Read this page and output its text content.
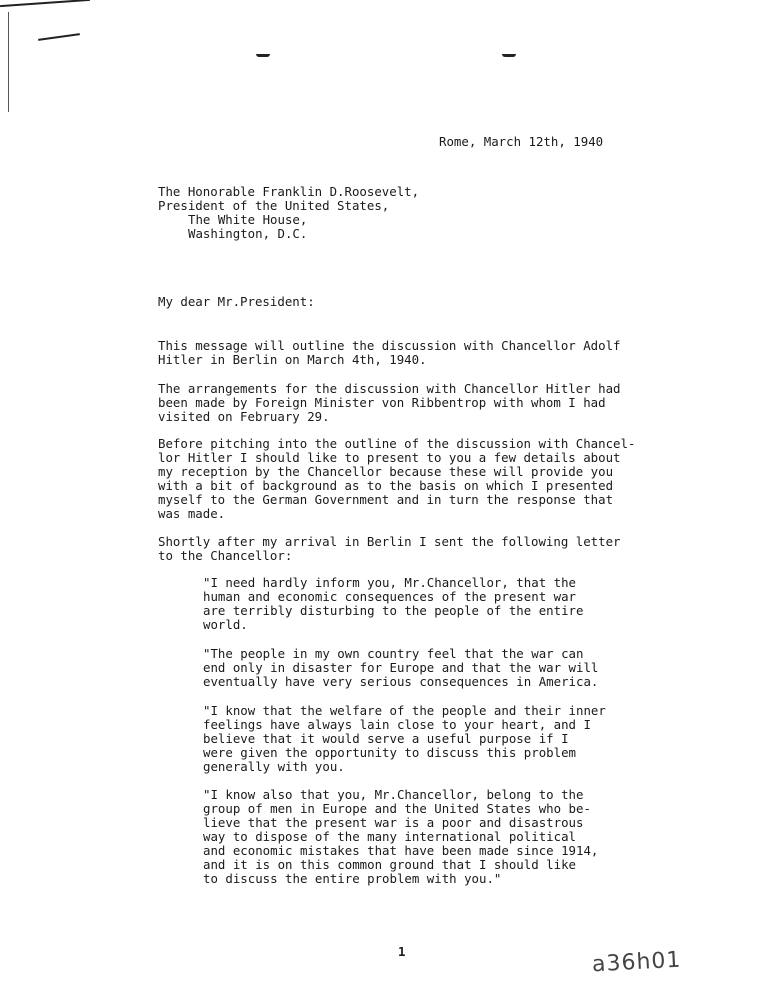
Rome, March 12th, 1940
The Honorable Franklin D.Roosevelt,
President of the United States,
The White House,
Washington, D.C.
My dear Mr.President:
This message will outline the discussion with Chancellor Adolf
Hitler in Berlin on March 4th, 1940.
The arrangements for the discussion with Chancellor Hitler had
been made by Foreign Minister von Ribbentrop with whom I had
visited on February 29.
Before pitching into the outline of the discussion with Chancel-
lor Hitler I should like to present to you a few details about
my reception by the Chancellor because these will provide you
with a bit of background as to the basis on which I presented
myself to the German Government and in turn the response that
was made.
Shortly after my arrival in Berlin I sent the following letter
to the Chancellor:
"I need hardly inform you, Mr.Chancellor, that the
human and economic consequences of the present war
are terribly disturbing to the people of the entire
world.
"The people in my own country feel that the war can
end only in disaster for Europe and that the war will
eventually have very serious consequences in America.
"I know that the welfare of the people and their inner
feelings have always lain close to your heart, and I
believe that it would serve a useful purpose if I
were given the opportunity to discuss this problem
generally with you.
"I know also that you, Mr.Chancellor, belong to the
group of men in Europe and the United States who be-
lieve that the present war is a poor and disastrous
way to dispose of the many international political
and economic mistakes that have been made since 1914,
and it is on this common ground that I should like
to discuss the entire problem with you."
1	a36h01
